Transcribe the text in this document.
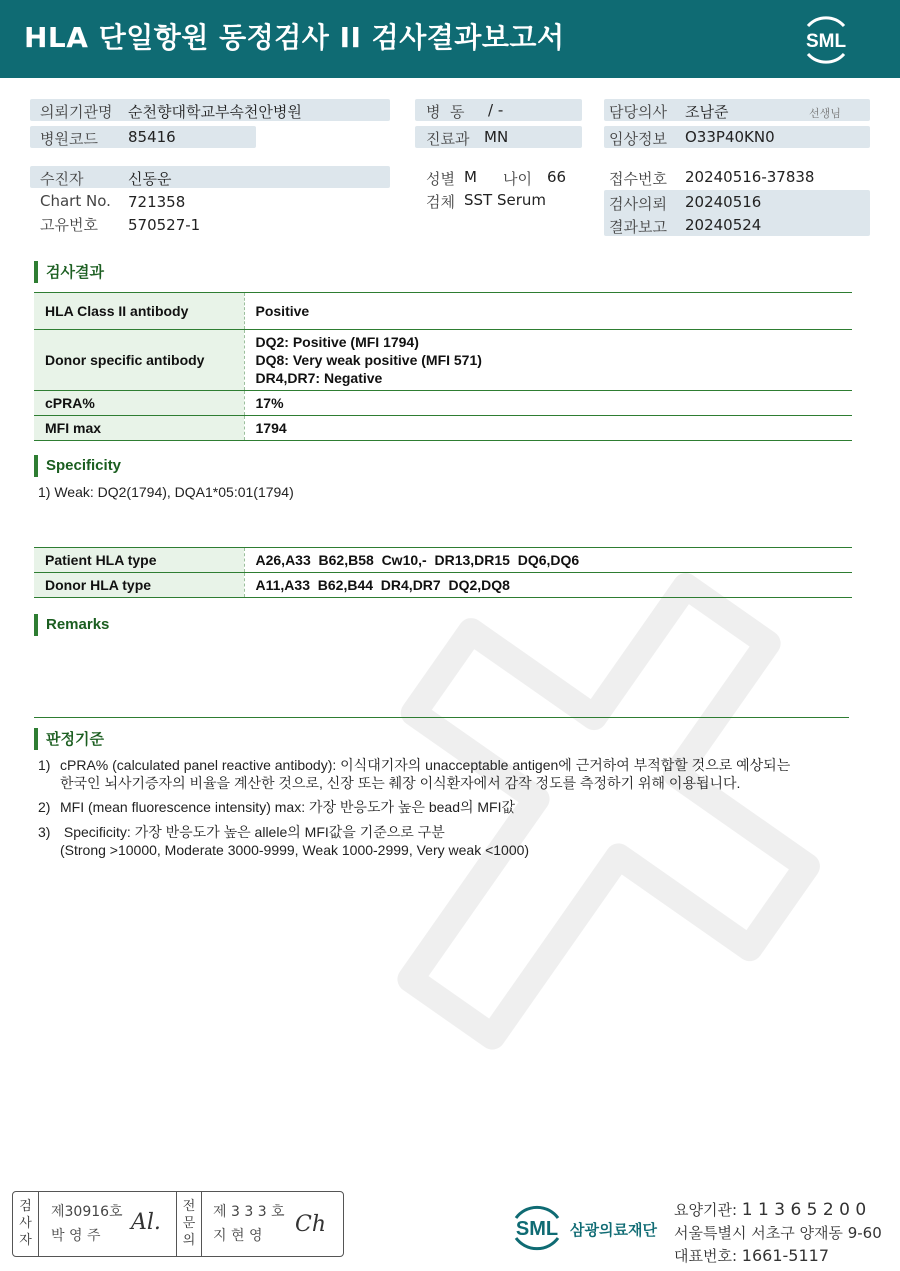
HLA 단일항원 동정검사 II 검사결과보고서	SML
의뢰기관명 순천향대학교부속천안병원
병원코드 85416
병  동 / -
진료과 MN
담당의사 조남준	선생님
임상정보 O33P40KN0
수진자	신동운
Chart No. 721358
고유번호 570527-1
성별 M 나이 66
검체 SST Serum
접수번호 20240516-37838
검사의뢰 20240516
결과보고 20240524
검사결과
HLA Class II antibody	Positive
Donor specific antibody	DQ2: Positive (MFI 1794)
DQ8: Very weak positive (MFI 571)
DR4,DR7: Negative

cPRA%	17%
MFI max	1794
Specificity
1) Weak: DQ2(1794), DQA1*05:01(1794)
Patient HLA type	A26,A33  B62,B58  Cw10,-  DR13,DR15  DQ6,DQ6
Donor HLA type	A11,A33  B62,B44  DR4,DR7  DQ2,DQ8
Remarks
판정기준
1) cPRA% (calculated panel reactive antibody): 이식대기자의 unacceptable antigen에 근거하여 부적합할 것으로 예상되는
한국인 뇌사기증자의 비율을 계산한 것으로, 신장 또는 췌장 이식환자에서 감작 정도를 측정하기 위해 이용됩니다.
2) MFI (mean fluorescence intensity) max: 가장 반응도가 높은 bead의 MFI값
3) Specificity: 가장 반응도가 높은 allele의 MFI값을 기준으로 구분
(Strong >10000, Moderate 3000-9999, Weak 1000-2999, Very weak <1000)
검사자
제30916호
박 영 주
Al.
전문의
제 3 3 3 호
지 현 영	Ch	SML 삼광의료재단
요양기관: 1 1 3 6 5 2 0 0
서울특별시 서초구 양재동 9-60
대표번호: 1661-5117
